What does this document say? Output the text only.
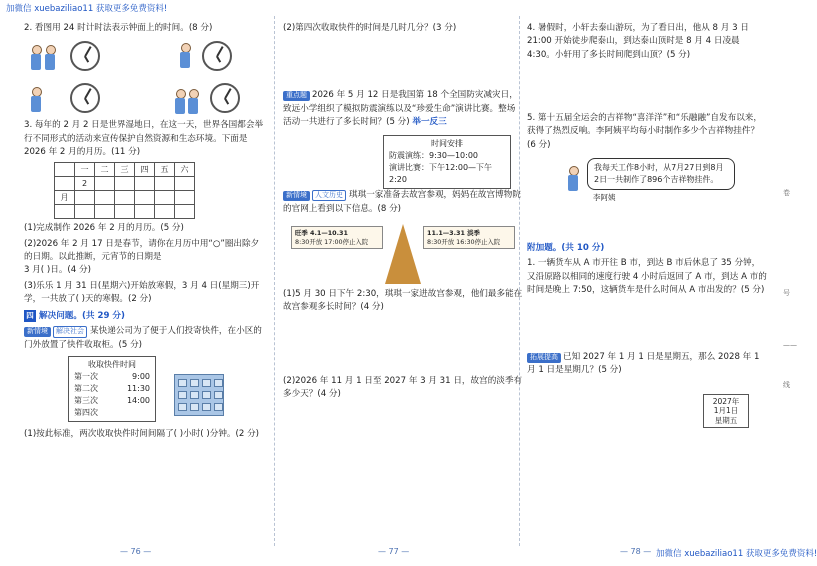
加微信 xuebaziliao11 获取更多免费资料!
2. 看图用 24 时计时法表示钟面上的时间。(8 分)
3. 每年的 2 月 2 日是世界湿地日，在这一天，世界各国都会举行不同形式的活动来宣传保护自然资源和生态环境。下面是 2026 年 2 月的月历。(11 分)
	一	二	三	四	五	六
	2					
月						

(1)完成制作 2026 年 2 月的月历。(5 分)
(2)2026 年 2 月 17 日是春节，请你在月历中用“○”圈出除夕的日期。以此推断，元宵节的日期是
3 月( )日。(4 分)
(3)乐乐 1 月 31 日(星期六)开始放寒假，3 月 4 日(星期三)开学，一共放了( )天的寒假。(2 分)
四 解决问题。(共 29 分)
新情境 解决社会 某快递公司为了便于人们投寄快件，在小区的门外放置了快件收取柜。(5 分)
收取快件时间
第一次	9:00
第二次	11:30
第三次	14:00
第四次
(1)按此标准，两次收取快件时间间隔了( )小时( )分钟。(2 分)
— 76 —
(2)第四次收取快件的时间是几时几分？(3 分)
重点题 2026 年 5 月 12 日是我国第 18 个全国防灾减灾日，致远小学组织了模拟防震演练以及“珍爱生命”演讲比赛。整场活动一共进行了多长时间？(5 分) 举一反三
时间安排
防震演练：9:30—10:00
演讲比赛：下午12:00—下午2:20
新情境 人文历史 琪琪一家准备去故宫参观，妈妈在故宫博物院的官网上看到以下信息。(8 分)
旺季 4.1—10.31
8:30开放 17:00停止入院
11.1—3.31 淡季
8:30开放 16:30停止入院
(1)5 月 30 日下午 2:30，琪琪一家进故宫参观，他们最多能在故宫参观多长时间？(4 分)
(2)2026 年 11 月 1 日至 2027 年 3 月 31 日，故宫的淡季有多少天？(4 分)
— 77 —
4. 暑假时，小轩去泰山游玩，为了看日出，他从 8 月 3 日 21:00 开始徒步爬泰山，到达泰山顶时是 8 月 4 日凌晨 4:30。小轩用了多长时间爬到山顶？(5 分)
5. 第十五届全运会的吉祥物“喜洋洋”和“乐融融”自发布以来，获得了热烈反响。李阿姨平均每小时制作多少个吉祥物挂件？(6 分)
我每天工作8小时，从7月27日到8月2日一共制作了896个吉祥物挂件。
李阿姨
附加题。(共 10 分)
1. 一辆货车从 A 市开往 B 市，到达 B 市后休息了 35 分钟，又沿原路以相同的速度行驶 4 小时后返回了 A 市，到达 A 市的时间是晚上 7:50，这辆货车是什么时间从 A 市出发的？(5 分)
拓展提高 已知 2027 年 1 月 1 日是星期五，那么 2028 年 1 月 1 日是星期几？(5 分)
2027年
1月1日
星期五
— 78 —
卷
号
——
线
加微信 xuebaziliao11 获取更多免费资料!
